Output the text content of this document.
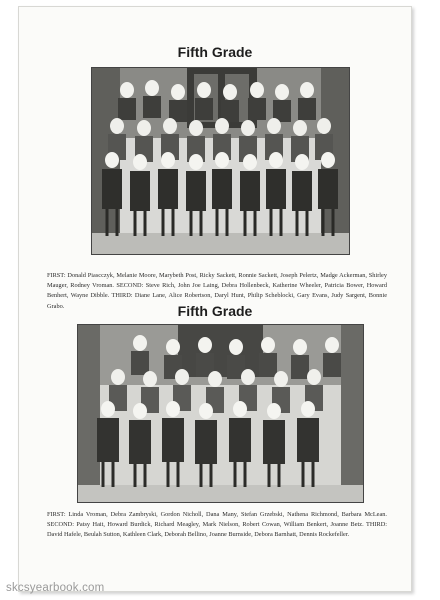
Fifth Grade
FIRST: Donald Piascczyk, Melanie Moore, Marybeth Post, Ricky Sackett, Ronnie Sackett, Joseph Pelertz, Madge Ackerman, Shirley Mauger, Rodney Vroman. SECOND: Steve Rich, John Joe Laing, Debra Hollenbeck, Katherine Wheeler, Patricia Bower, Howard Benhert, Wayne Dibble. THIRD: Diane Lane, Alice Robertson, Daryl Hunt, Philip Scheblocki, Gary Evans, Judy Sargent, Bonnie Grabo.	Fifth Grade
FIRST: Linda Vroman, Debra Zambryski, Gordon Nicholl, Dana Many, Stefan Grzebski, Nathena Richmond, Barbara McLean. SECOND: Patsy Hait, Howard Burdick, Richard Meagley, Mark Nielson, Robert Cowan, William Benkert, Joanne Betz. THIRD: David Hafele, Beulah Sutton, Kathleen Clark, Deborah Bellino, Joanne Burnside, Debora Barnhatt, Dennis Rockefeller.
skcsyearbook.com
